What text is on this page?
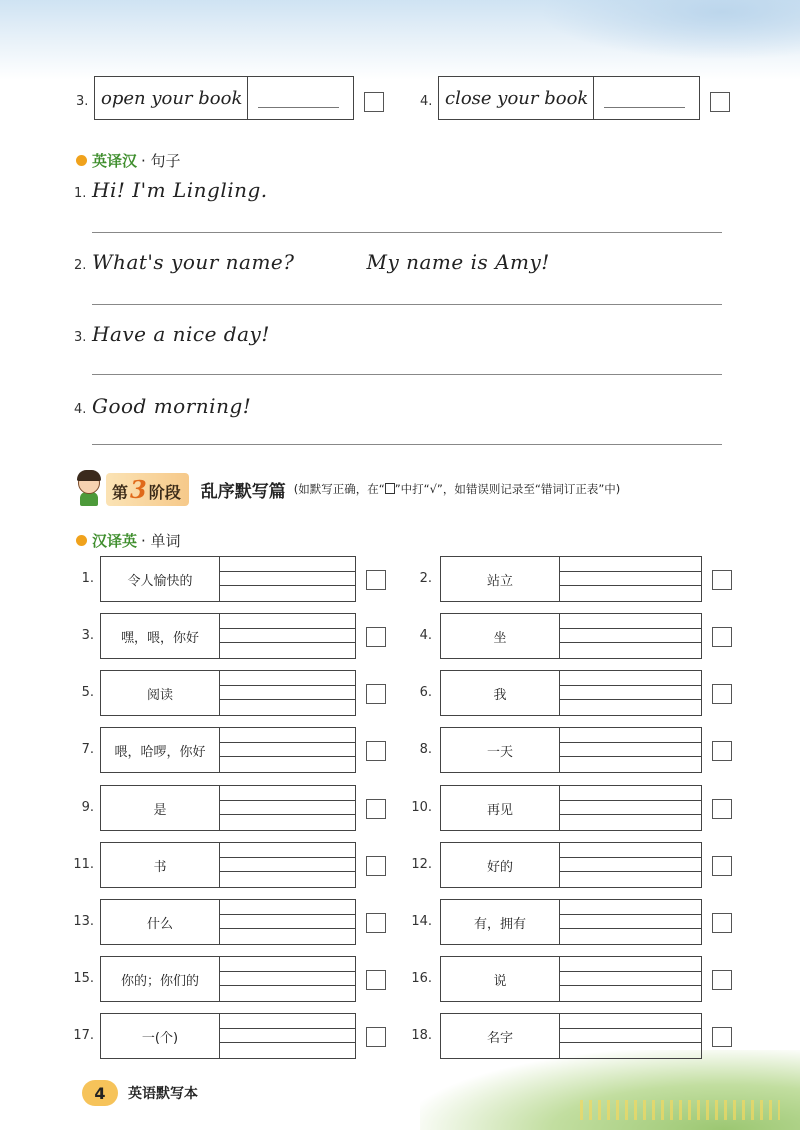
3. open your book	4. close your book
英译汉 · 句子
1. Hi! I'm Lingling.
2. What's your name?	My name is Amy!
3. Have a nice day!
4. Good morning!
第 3 阶段 乱序默写篇 (如默写正确，在“ ”中打“√”，如错误则记录至“错词订正表”中)
汉译英 · 单词
1.	令人愉快的	2.	站立
3.	嘿，喂，你好	4.	坐
5.	阅读	6.	我
7.	喂，哈啰，你好	8.	一天
9.	是	10.	再见
11.	书	12.	好的
13.	什么	14.	有，拥有
15.	你的；你们的	16.	说
17.	一(个)	18.	名字
4	英语默写本
